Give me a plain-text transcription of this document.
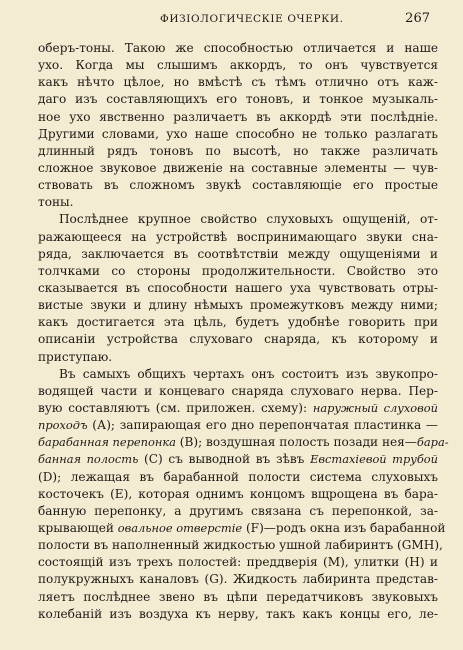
ФИЗІОЛОГИЧЕСКІЕ ОЧЕРКИ.	267
оберъ-тоны. Такою же способностью отличается и наше
ухо. Когда мы слышимъ аккордъ, то онъ чувствуется
какъ нѣчто цѣлое, но вмѣстѣ съ тѣмъ отлично отъ каж-
даго изъ составляющихъ его тоновъ, и тонкое музыкаль-
ное ухо явственно различаетъ въ аккордѣ эти послѣдніе.
Другими словами, ухо наше способно не только разлагать
длинный рядъ тоновъ по высотѣ, но также различать
сложное звуковое движеніе на составные элементы — чув-
ствовать въ сложномъ звукѣ составляющіе его простые
тоны.
Послѣднее крупное свойство слуховыхъ ощущеній, от-
ражающееся на устройствѣ воспринимающаго звуки сна-
ряда, заключается въ соотвѣтствіи между ощущеніями и
толчками со стороны продолжительности. Свойство это
сказывается въ способности нашего уха чувствовать отры-
вистые звуки и длину нѣмыхъ промежутковъ между ними;
какъ достигается эта цѣль, будетъ удобнѣе говорить при
описаніи устройства слуховаго снаряда, къ которому и
приступаю.
Въ самыхъ общихъ чертахъ онъ состоитъ изъ звукопро-
водящей части и концеваго снаряда слуховаго нерва. Пер-
вую составляютъ (см. приложен. схему): наружный слуховой
проходъ (А); запирающая его дно перепончатая пластинка —
барабанная перепонка (В); воздушная полость позади нея—бара-
банная полость (С) съ выводной въ зѣвъ Евстахіевой трубой
(D); лежащая въ барабанной полости система слуховыхъ
косточекъ (Е), которая однимъ концомъ вщрощена въ бара-
банную перепонку, а другимъ связана съ перепонкой, за-
крывающей овальное отверстіе (F)—родъ окна изъ барабанной
полости въ наполненный жидкостью ушной лабиринтъ (GMH),
состоящій изъ трехъ полостей: преддверія (М), улитки (Н) и
полукружныхъ каналовъ (G). Жидкость лабиринта представ-
ляетъ послѣднее звено въ цѣпи передатчиковъ звуковыхъ
колебаній изъ воздуха къ нерву, такъ какъ концы его, ле-
